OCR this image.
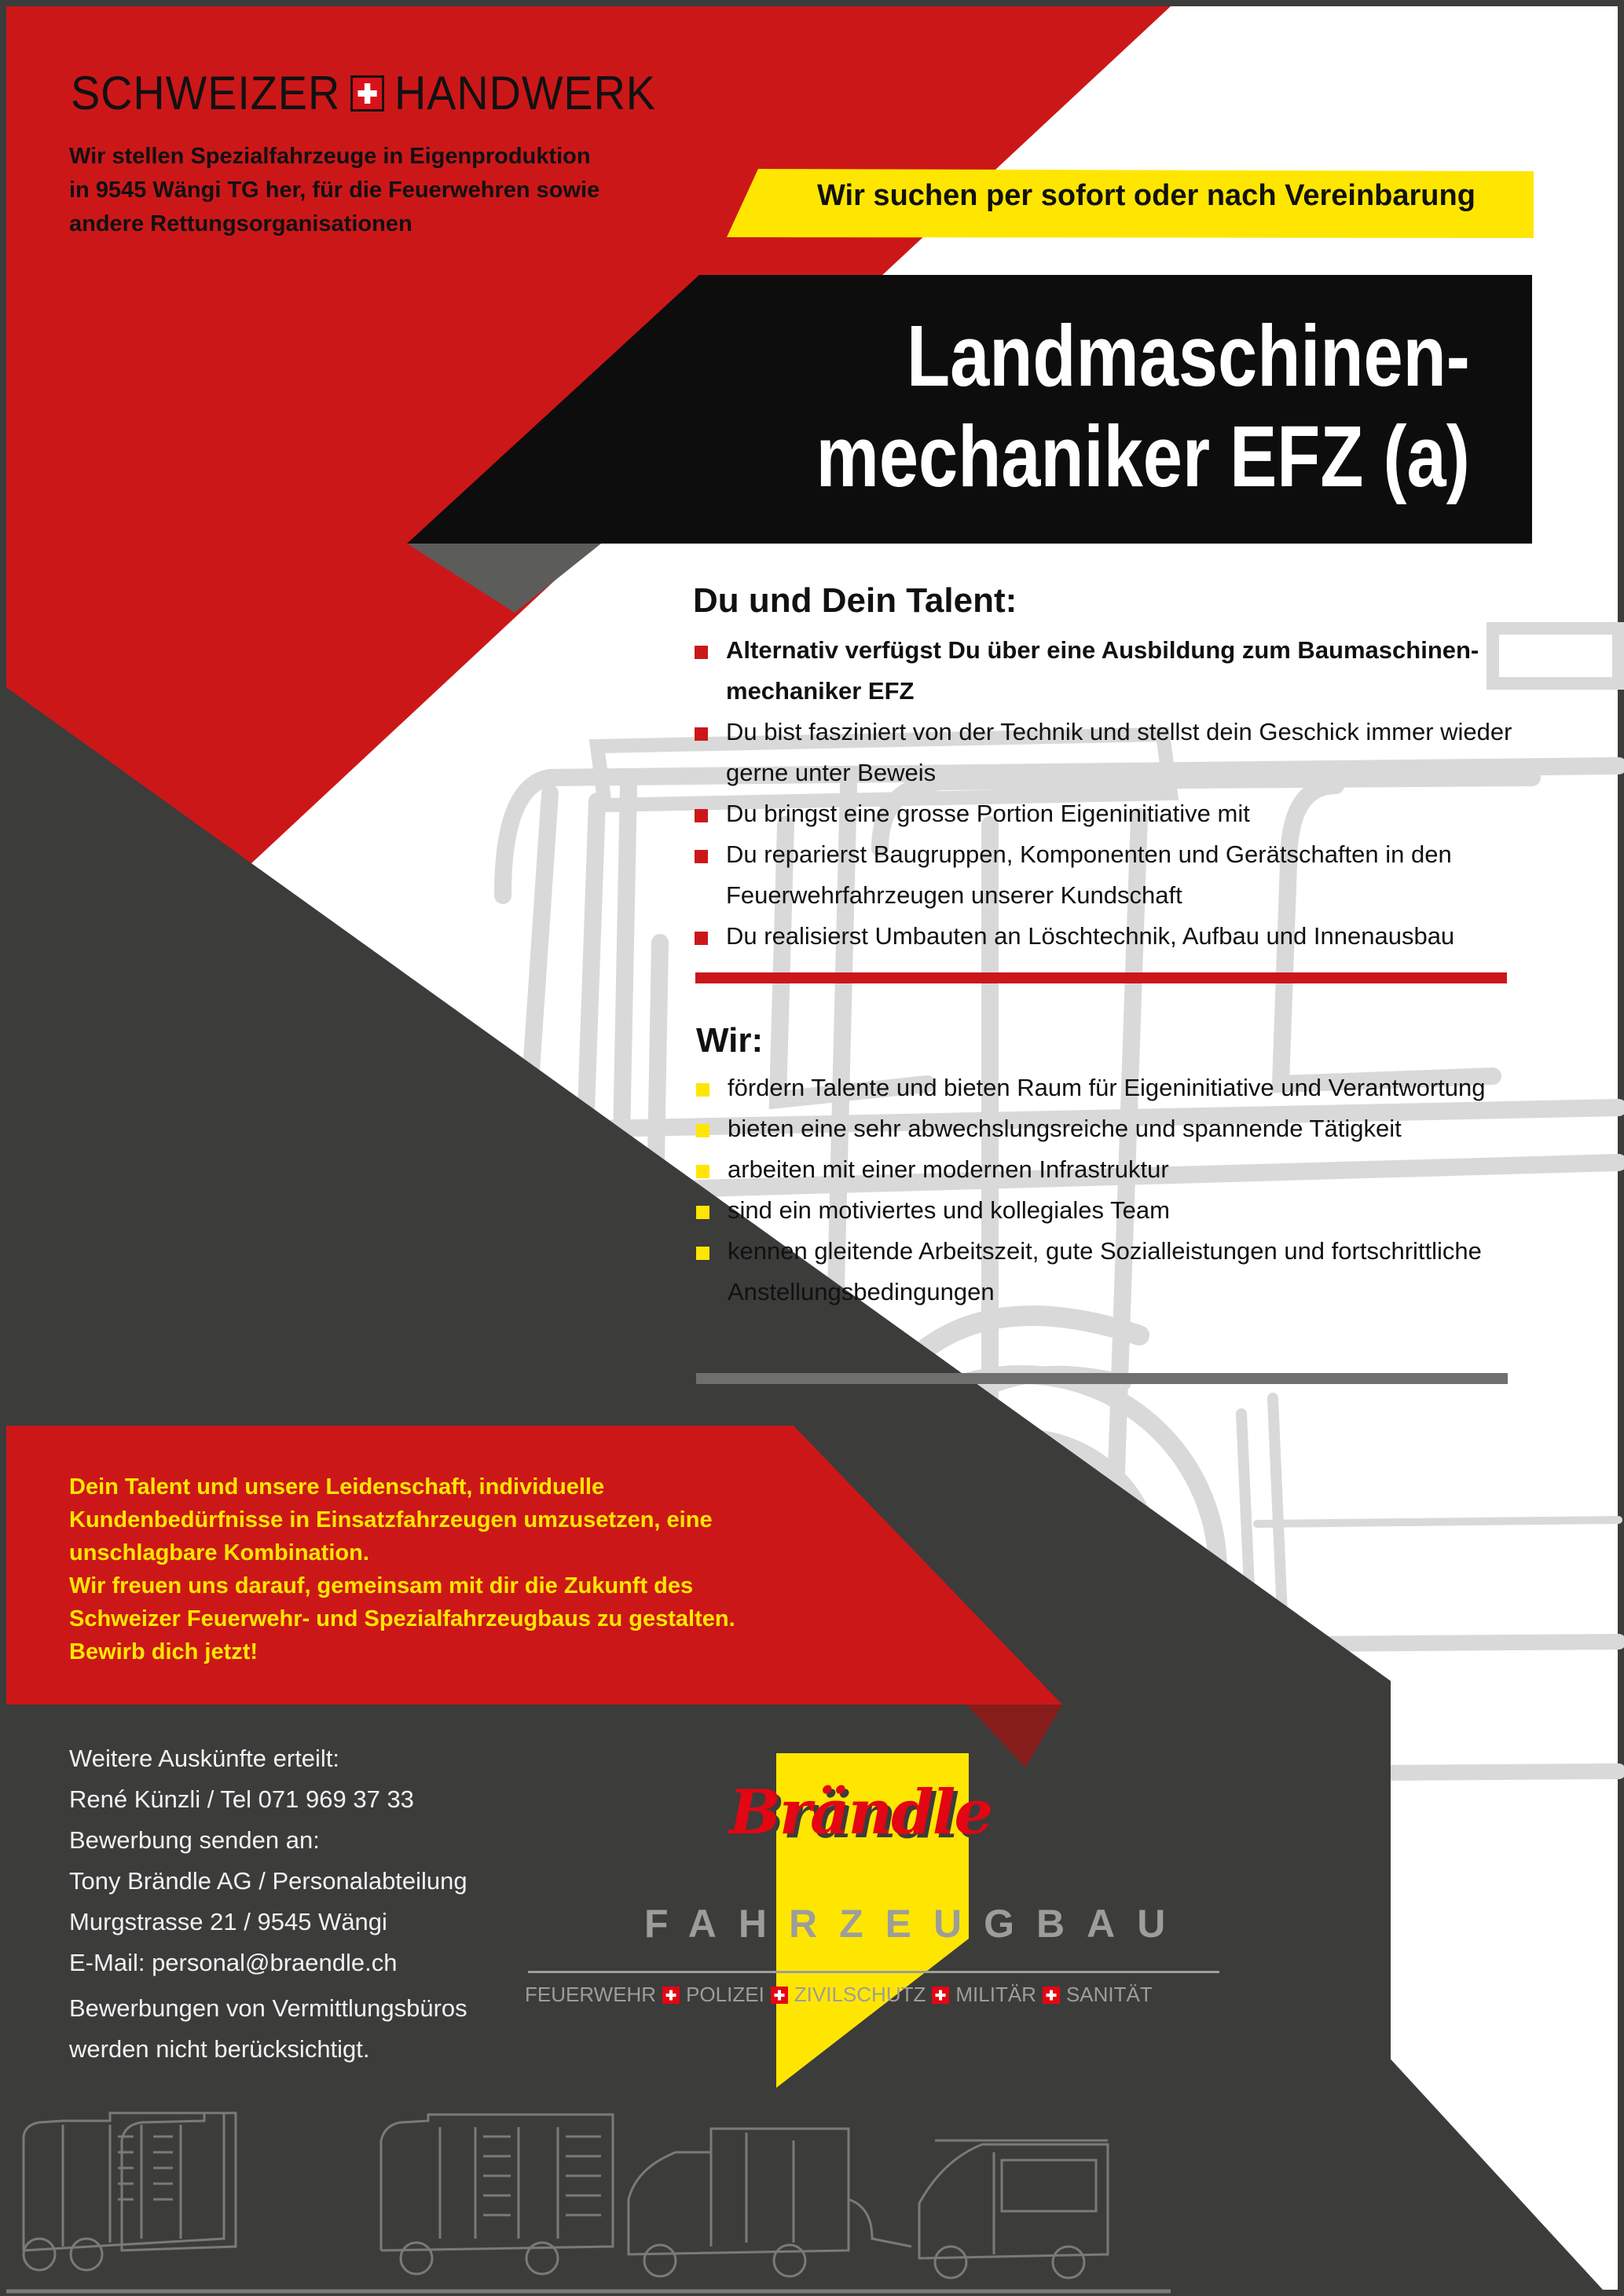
SCHWEIZER HANDWERK
Wir stellen Spezialfahrzeuge in Eigenproduktion
in 9545 Wängi TG her, für die Feuerwehren sowie
andere Rettungsorganisationen
Wir suchen per sofort oder nach Vereinbarung
Landmaschinen-
mechaniker EFZ (a)
Du und Dein Talent:
Alternativ verfügst Du über eine Ausbildung zum Baumaschinen-mechaniker EFZ
Du bist fasziniert von der Technik und stellst dein Geschick immer wieder gerne unter Beweis
Du bringst eine grosse Portion Eigeninitiative mit
Du reparierst Baugruppen, Komponenten und Gerätschaften in den Feuerwehrfahrzeugen unserer Kundschaft
Du realisierst Umbauten an Löschtechnik, Aufbau und Innenausbau
Wir:
fördern Talente und bieten Raum für Eigeninitiative und Verantwortung
bieten eine sehr abwechslungsreiche und spannende Tätigkeit
arbeiten mit einer modernen Infrastruktur
sind ein motiviertes und kollegiales Team
kennen gleitende Arbeitszeit, gute Sozialleistungen und fortschrittliche Anstellungsbedingungen
Dein Talent und unsere Leidenschaft, individuelle
Kundenbedürfnisse in Einsatzfahrzeugen umzusetzen, eine
unschlagbare Kombination.
Wir freuen uns darauf, gemeinsam mit dir die Zukunft des
Schweizer Feuerwehr- und Spezialfahrzeugbaus zu gestalten.
Bewirb dich jetzt!
Weitere Auskünfte erteilt:
René Künzli / Tel 071 969 37 33
Bewerbung senden an:
Tony Brändle AG / Personalabteilung
Murgstrasse 21 / 9545 Wängi
E-Mail: personal@braendle.ch
Bewerbungen von Vermittlungsbüros
werden nicht berücksichtigt.
Brändle
FAHRZEUGBAU
FEUERWEHR POLIZEI ZIVILSCHUTZ MILITÄR SANITÄT
